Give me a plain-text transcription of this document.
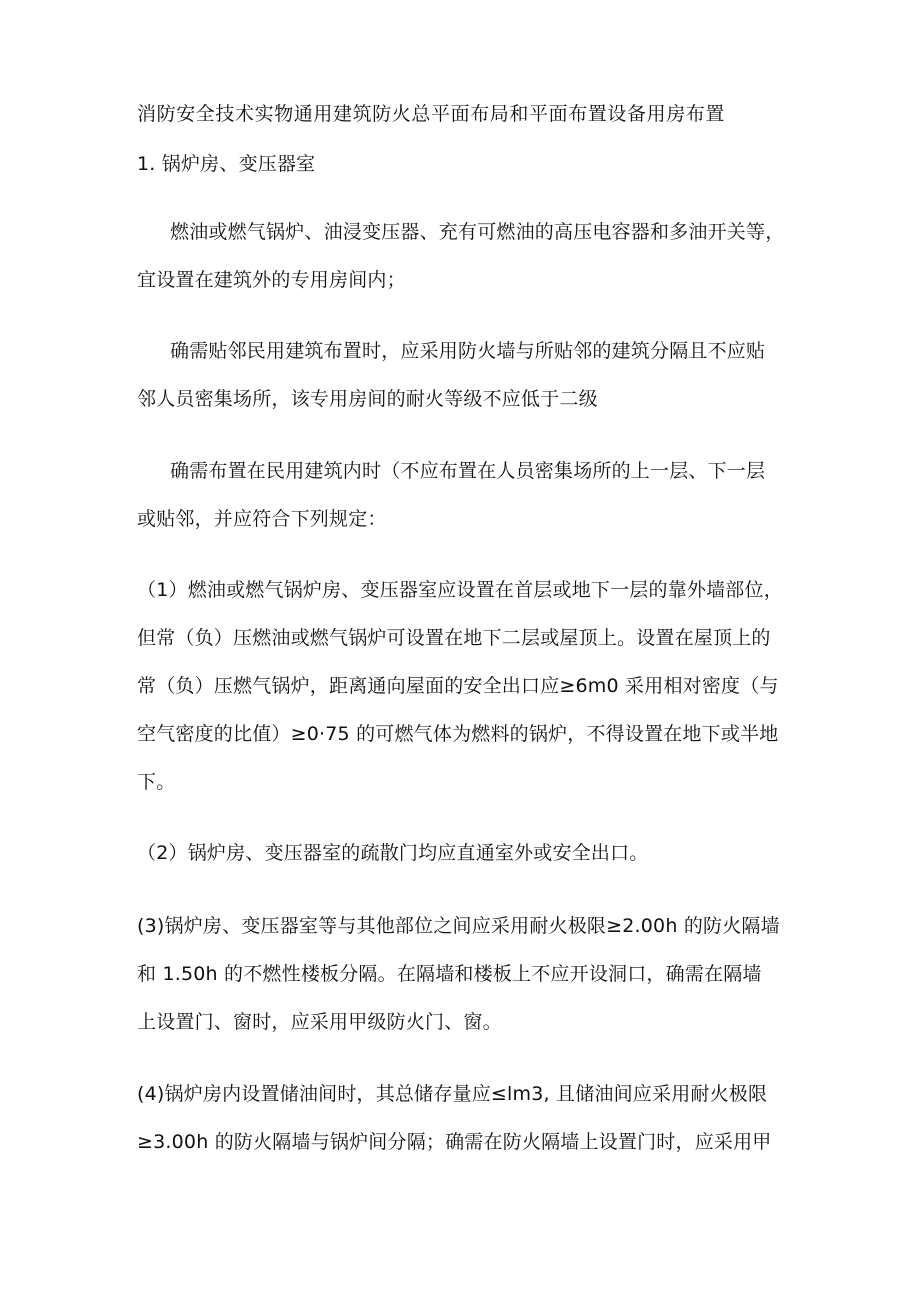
消防安全技术实物通用建筑防火总平面布局和平面布置设备用房布置
1. 锅炉房、变压器室
燃油或燃气锅炉、油浸变压器、充有可燃油的高压电容器和多油开关等，
宜设置在建筑外的专用房间内；
确需贴邻民用建筑布置时，应采用防火墙与所贴邻的建筑分隔且不应贴
邻人员密集场所，该专用房间的耐火等级不应低于二级
确需布置在民用建筑内时（不应布置在人员密集场所的上一层、下一层
或贴邻，并应符合下列规定：
（1）燃油或燃气锅炉房、变压器室应设置在首层或地下一层的靠外墙部位，
但常（负）压燃油或燃气锅炉可设置在地下二层或屋顶上。设置在屋顶上的
常（负）压燃气锅炉，距离通向屋面的安全出口应≥6m0 采用相对密度（与
空气密度的比值）≥0·75 的可燃气体为燃料的锅炉，不得设置在地下或半地
下。
（2）锅炉房、变压器室的疏散门均应直通室外或安全出口。
(3)锅炉房、变压器室等与其他部位之间应采用耐火极限≥2.00h 的防火隔墙
和 1.50h 的不燃性楼板分隔。在隔墙和楼板上不应开设洞口，确需在隔墙
上设置门、窗时，应采用甲级防火门、窗。
(4)锅炉房内设置储油间时，其总储存量应≤lm3, 且储油间应采用耐火极限
≥3.00h 的防火隔墙与锅炉间分隔；确需在防火隔墙上设置门时，应采用甲
